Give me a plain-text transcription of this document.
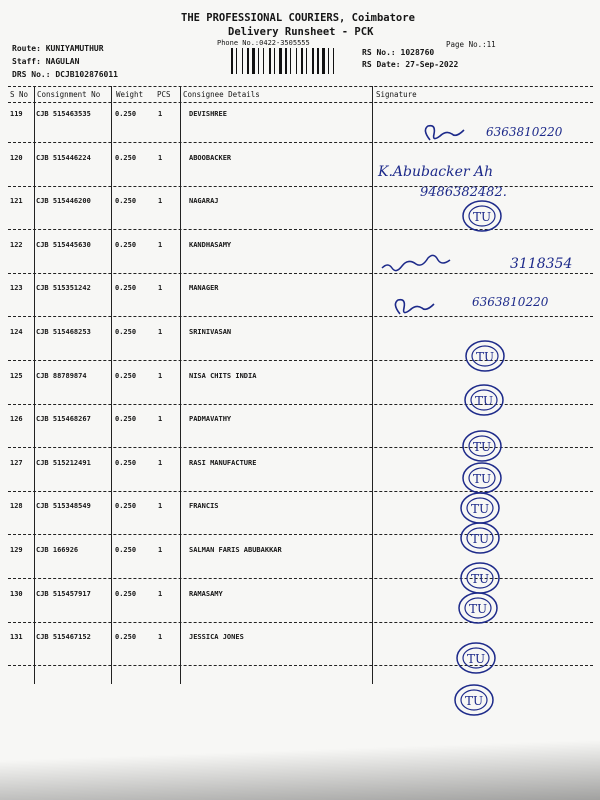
THE PROFESSIONAL COURIERS, Coimbatore
Delivery Runsheet - PCK
Phone No.:0422-3505555	Page No.:11
Route: KUNIYAMUTHUR
Staff: NAGULAN
DRS No.: DCJB102876011
RS No.: 1028760
RS Date: 27-Sep-2022
S No Consignment No Weight PCS Consignee Details	Signature
119 CJB 515463535	0.250	1	DEVISHREE
120 CJB 515446224	0.250	1	ABOOBACKER
121 CJB 515446200	0.250	1	NAGARAJ
122 CJB 515445630	0.250	1	KANDHASAMY
123 CJB 515351242	0.250	1	MANAGER
124 CJB 515468253	0.250	1	SRINIVASAN
125 CJB 88789874	0.250	1	NISA CHITS INDIA
126 CJB 515468267	0.250	1	PADMAVATHY
127 CJB 515212491	0.250	1	RASI MANUFACTURE
128 CJB 515348549	0.250	1	FRANCIS
129 CJB 166926	0.250	1	SALMAN FARIS ABUBAKKAR
130 CJB 515457917	0.250	1	RAMASAMY
131 CJB 515467152	0.250	1	JESSICA JONES
6363810220
K.Abubacker Ah
9486382482.
TU
3118354
6363810220
TU
TU
TU
TU
TU
TU
TU
TU
TU
TU
